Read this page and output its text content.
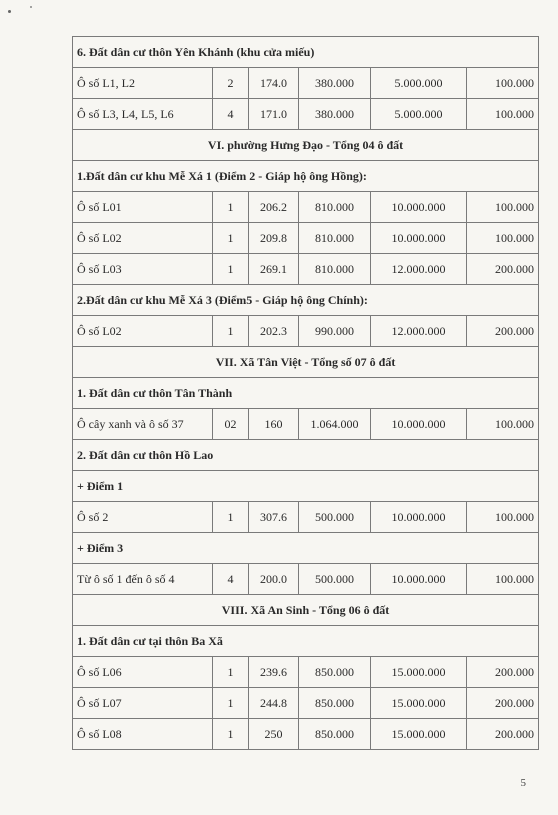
6. Đất dân cư thôn Yên Khánh (khu cửa miếu)					
Ô số L1, L2	2	174.0	380.000	5.000.000	100.000
Ô số L3, L4, L5, L6	4	171.0	380.000	5.000.000	100.000
VI. phường Hưng Đạo - Tổng 04 ô đất					
1.Đất dân cư khu Mễ Xá 1 (Điểm 2 - Giáp hộ ông Hồng):					
Ô số L01	1	206.2	810.000	10.000.000	100.000
Ô số L02	1	209.8	810.000	10.000.000	100.000
Ô số L03	1	269.1	810.000	12.000.000	200.000
2.Đất dân cư khu Mễ Xá 3 (Điểm5 - Giáp hộ ông Chính):					
Ô số L02	1	202.3	990.000	12.000.000	200.000
VII. Xã Tân Việt - Tổng số 07 ô đất					
1. Đất dân cư thôn Tân Thành					
Ô cây xanh và ô số 37	02	160	1.064.000	10.000.000	100.000
2. Đất dân cư thôn Hồ Lao					
+ Điểm 1					
Ô số 2	1	307.6	500.000	10.000.000	100.000
+ Điểm 3					
Từ ô số 1 đến ô số 4	4	200.0	500.000	10.000.000	100.000
VIII. Xã An Sinh - Tổng 06 ô đất					
1. Đất dân cư tại thôn Ba Xã					
Ô số L06	1	239.6	850.000	15.000.000	200.000
Ô số L07	1	244.8	850.000	15.000.000	200.000
Ô số L08	1	250	850.000	15.000.000	200.000
5
